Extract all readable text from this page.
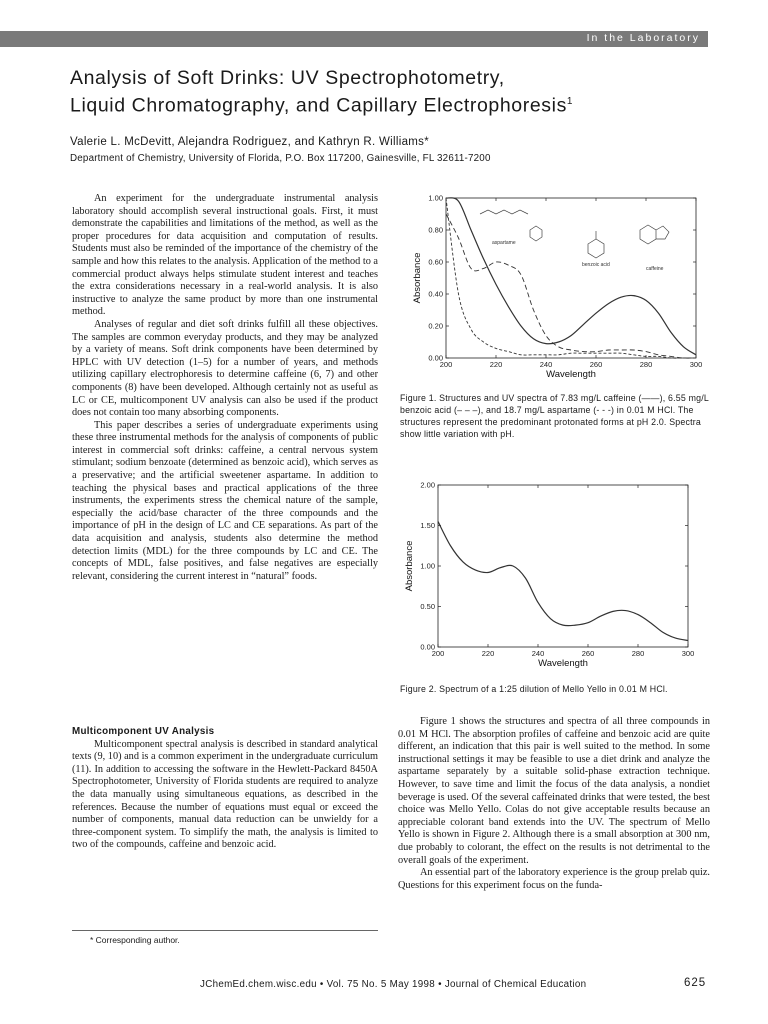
In the Laboratory
Analysis of Soft Drinks: UV Spectrophotometry,
Liquid Chromatography, and Capillary Electrophoresis$^1$
Valerie L. McDevitt, Alejandra Rodriguez, and Kathryn R. Williams*
Department of Chemistry, University of Florida, P.O. Box 117200, Gainesville, FL 32611-7200

An experiment for the undergraduate instrumental analysis laboratory should accomplish several instructional goals. First, it must demonstrate the capabilities and limitations of the method, as well as the proper procedures for data acquisition and computation of results. Students must also be reminded of the importance of the chemistry of the sample and how this relates to the analysis. Application of the method to a commercial product always helps stimulate student interest and teaches the extra considerations necessary in a real-world analysis. It is also instructive to analyze the same product by more than one instrumental method.

Analyses of regular and diet soft drinks fulfill all these objectives. The samples are common everyday products, and they may be analyzed by a variety of means. Soft drink components have been determined by HPLC with UV detection (1–5) for a number of years, and methods utilizing capillary electrophoresis to determine caffeine (6, 7) and other components (8) have been developed. Although certainly not as useful as LC or CE, multicomponent UV analysis can also be used if the product does not contain too many absorbing components.

This paper describes a series of undergraduate experiments using these three instrumental methods for the analysis of components of public interest in commercial soft drinks: caffeine, a central nervous system stimulant; sodium benzoate (determined as benzoic acid), which serves as a preservative; and the artificial sweetener aspartame. In addition to teaching the physical bases and practical applications of the three instruments, the experiments stress the chemical nature of the sample, especially the acid/base character of the three compounds and the importance of pH in the design of LC and CE separations. As part of the data acquisition and analysis, students also determine the method detection limits (MDL) for the three compounds by LC and CE. The concepts of MDL, false positives, and false negatives are especially relevant, considering the current interest in “natural” foods.

Multicomponent UV Analysis

Multicomponent spectral analysis is described in standard analytical texts (9, 10) and is a common experiment in the undergraduate curriculum (11). In addition to accessing the software in the Hewlett-Packard 8450A Spectrophotometer, University of Florida students are required to analyze the data manually using simultaneous equations, as described in the references. Because the number of equations must equal or exceed the number of components, manual data reduction can be unwieldy for a three-component system. To simplify the math, the analysis is limited to two of the compounds, caffeine and benzoic acid.

Figure 1 shows the structures and spectra of all three compounds in 0.01 M HCl. The absorption profiles of caffeine and benzoic acid are quite different, an indication that this pair is well suited to the method. In some instructional settings it may be feasible to use a diet drink and analyze the aspartame separately by a suitable solid-phase extraction technique. However, to save time and limit the focus of the data analysis, a nondiet beverage is used. Of the several caffeinated drinks that were tested, the best choice was Mello Yello. Colas do not give acceptable results because an appreciable colorant band extends into the UV. The spectrum of Mello Yello is shown in Figure 2. Although there is a small absorption at 300 nm, due probably to colorant, the effect on the results is not detrimental to the overall goals of the experiment.

An essential part of the laboratory experience is the group prelab quiz. Questions for this experiment focus on the funda-

* Corresponding author.
JChemEd.chem.wisc.edu • Vol. 75 No. 5 May 1998 • Journal of Chemical Education	625
aspartame
benzoic acid
caffeine
200	220	240	260	280	300
0.00
0.20
0.40
0.60
0.80
1.00
Wavelength
Absorbance
Figure 1. Structures and UV spectra of 7.83 mg/L caffeine (——), 6.55 mg/L benzoic acid (– – –), and 18.7 mg/L aspartame (- - -) in 0.01 M HCl. The structures represent the predominant protonated forms at pH 2.0. Spectra show little variation with pH.
200	220	240	260	280	300
0.00
0.50
1.00
1.50
2.00
Wavelength
Absorbance
Figure 2. Spectrum of a 1:25 dilution of Mello Yello in 0.01 M HCl.
